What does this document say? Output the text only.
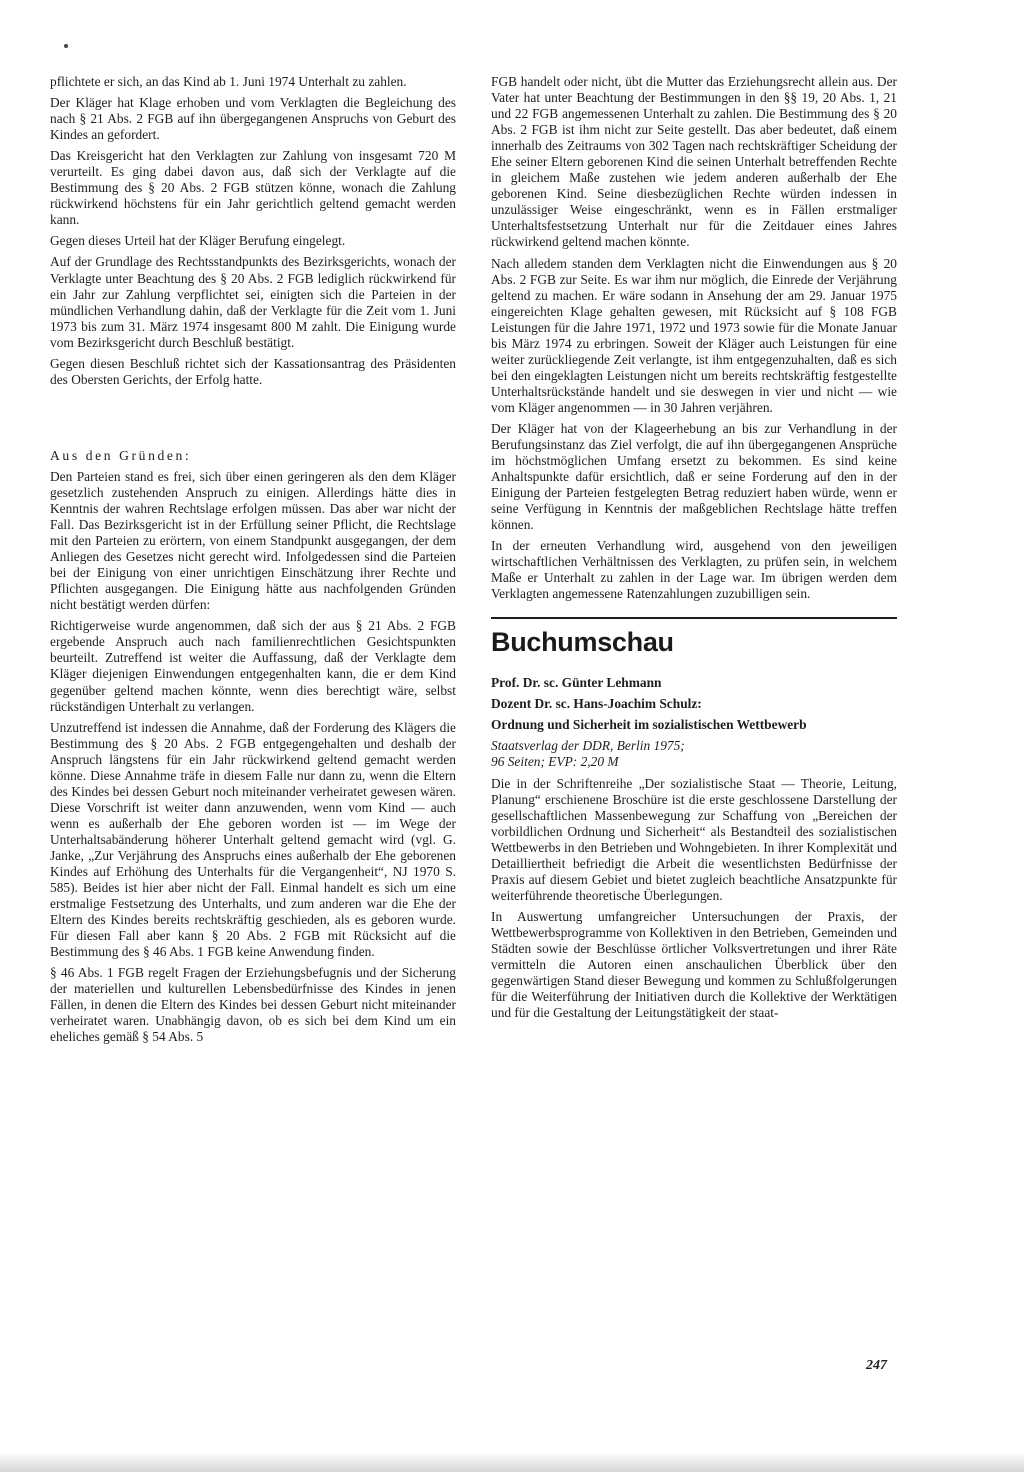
pflichtete er sich, an das Kind ab 1. Juni 1974 Unterhalt zu zahlen.

Der Kläger hat Klage erhoben und vom Verklagten die Begleichung des nach § 21 Abs. 2 FGB auf ihn übergegangenen Anspruchs von Geburt des Kindes an gefordert.

Das Kreisgericht hat den Verklagten zur Zahlung von insgesamt 720 M verurteilt. Es ging dabei davon aus, daß sich der Verklagte auf die Bestimmung des § 20 Abs. 2 FGB stützen könne, wonach die Zahlung rückwirkend höchstens für ein Jahr gerichtlich geltend gemacht werden kann.

Gegen dieses Urteil hat der Kläger Berufung eingelegt.

Auf der Grundlage des Rechtsstandpunkts des Bezirksgerichts, wonach der Verklagte unter Beachtung des § 20 Abs. 2 FGB lediglich rückwirkend für ein Jahr zur Zahlung verpflichtet sei, einigten sich die Parteien in der mündlichen Verhandlung dahin, daß der Verklagte für die Zeit vom 1. Juni 1973 bis zum 31. März 1974 insgesamt 800 M zahlt. Die Einigung wurde vom Bezirksgericht durch Beschluß bestätigt.

Gegen diesen Beschluß richtet sich der Kassationsantrag des Präsidenten des Obersten Gerichts, der Erfolg hatte.

Aus den Gründen:

Den Parteien stand es frei, sich über einen geringeren als den dem Kläger gesetzlich zustehenden Anspruch zu einigen. Allerdings hätte dies in Kenntnis der wahren Rechtslage erfolgen müssen. Das aber war nicht der Fall. Das Bezirksgericht ist in der Erfüllung seiner Pflicht, die Rechtslage mit den Parteien zu erörtern, von einem Standpunkt ausgegangen, der dem Anliegen des Gesetzes nicht gerecht wird. Infolgedessen sind die Parteien bei der Einigung von einer unrichtigen Einschätzung ihrer Rechte und Pflichten ausgegangen. Die Einigung hätte aus nachfolgenden Gründen nicht bestätigt werden dürfen:

Richtigerweise wurde angenommen, daß sich der aus § 21 Abs. 2 FGB ergebende Anspruch auch nach familienrechtlichen Gesichtspunkten beurteilt. Zutreffend ist weiter die Auffassung, daß der Verklagte dem Kläger diejenigen Einwendungen entgegenhalten kann, die er dem Kind gegenüber geltend machen könnte, wenn dies berechtigt wäre, selbst rückständigen Unterhalt zu verlangen.

Unzutreffend ist indessen die Annahme, daß der Forderung des Klägers die Bestimmung des § 20 Abs. 2 FGB entgegengehalten und deshalb der Anspruch längstens für ein Jahr rückwirkend geltend gemacht werden könne. Diese Annahme träfe in diesem Falle nur dann zu, wenn die Eltern des Kindes bei dessen Geburt noch miteinander verheiratet gewesen wären. Diese Vorschrift ist weiter dann anzuwenden, wenn vom Kind — auch wenn es außerhalb der Ehe geboren worden ist — im Wege der Unterhaltsabänderung höherer Unterhalt geltend gemacht wird (vgl. G. Janke, „Zur Verjährung des Anspruchs eines außerhalb der Ehe geborenen Kindes auf Erhöhung des Unterhalts für die Vergangenheit“, NJ 1970 S. 585). Beides ist hier aber nicht der Fall. Einmal handelt es sich um eine erstmalige Festsetzung des Unterhalts, und zum anderen war die Ehe der Eltern des Kindes bereits rechtskräftig geschieden, als es geboren wurde. Für diesen Fall aber kann § 20 Abs. 2 FGB mit Rücksicht auf die Bestimmung des § 46 Abs. 1 FGB keine Anwendung finden.

§ 46 Abs. 1 FGB regelt Fragen der Erziehungsbefugnis und der Sicherung der materiellen und kulturellen Lebensbedürfnisse des Kindes in jenen Fällen, in denen die Eltern des Kindes bei dessen Geburt nicht miteinander verheiratet waren. Unabhängig davon, ob es sich bei dem Kind um ein eheliches gemäß § 54 Abs. 5

FGB handelt oder nicht, übt die Mutter das Erziehungsrecht allein aus. Der Vater hat unter Beachtung der Bestimmungen in den §§ 19, 20 Abs. 1, 21 und 22 FGB angemessenen Unterhalt zu zahlen. Die Bestimmung des § 20 Abs. 2 FGB ist ihm nicht zur Seite gestellt. Das aber bedeutet, daß einem innerhalb des Zeitraums von 302 Tagen nach rechtskräftiger Scheidung der Ehe seiner Eltern geborenen Kind die seinen Unterhalt betreffenden Rechte in gleichem Maße zustehen wie jedem anderen außerhalb der Ehe geborenen Kind. Seine diesbezüglichen Rechte würden indessen in unzulässiger Weise eingeschränkt, wenn es in Fällen erstmaliger Unterhaltsfestsetzung Unterhalt nur für die Zeitdauer eines Jahres rückwirkend geltend machen könnte.

Nach alledem standen dem Verklagten nicht die Einwendungen aus § 20 Abs. 2 FGB zur Seite. Es war ihm nur möglich, die Einrede der Verjährung geltend zu machen. Er wäre sodann in Ansehung der am 29. Januar 1975 eingereichten Klage gehalten gewesen, mit Rücksicht auf § 108 FGB Leistungen für die Jahre 1971, 1972 und 1973 sowie für die Monate Januar bis März 1974 zu erbringen. Soweit der Kläger auch Leistungen für eine weiter zurückliegende Zeit verlangte, ist ihm entgegenzuhalten, daß es sich bei den eingeklagten Leistungen nicht um bereits rechtskräftig festgestellte Unterhaltsrückstände handelt und sie deswegen in vier und nicht — wie vom Kläger angenommen — in 30 Jahren verjähren.

Der Kläger hat von der Klageerhebung an bis zur Verhandlung in der Berufungsinstanz das Ziel verfolgt, die auf ihn übergegangenen Ansprüche im höchstmöglichen Umfang ersetzt zu bekommen. Es sind keine Anhaltspunkte dafür ersichtlich, daß er seine Forderung auf den in der Einigung der Parteien festgelegten Betrag reduziert haben würde, wenn er seine Verfügung in Kenntnis der maßgeblichen Rechtslage hätte treffen können.

In der erneuten Verhandlung wird, ausgehend von den jeweiligen wirtschaftlichen Verhältnissen des Verklagten, zu prüfen sein, in welchem Maße er Unterhalt zu zahlen in der Lage war. Im übrigen werden dem Verklagten angemessene Ratenzahlungen zuzubilligen sein.

Buchumschau

Prof. Dr. sc. Günter Lehmann

Dozent Dr. sc. Hans-Joachim Schulz:

Ordnung und Sicherheit im sozialistischen Wettbewerb

Staatsverlag der DDR, Berlin 1975;
96 Seiten; EVP: 2,20 M

Die in der Schriftenreihe „Der sozialistische Staat — Theorie, Leitung, Planung“ erschienene Broschüre ist die erste geschlossene Darstellung der gesellschaftlichen Massenbewegung zur Schaffung von „Bereichen der vorbildlichen Ordnung und Sicherheit“ als Bestandteil des sozialistischen Wettbewerbs in den Betrieben und Wohngebieten. In ihrer Komplexität und Detailliertheit befriedigt die Arbeit die wesentlichsten Bedürfnisse der Praxis auf diesem Gebiet und bietet zugleich beachtliche Ansatzpunkte für weiterführende theoretische Überlegungen.

In Auswertung umfangreicher Untersuchungen der Praxis, der Wettbewerbsprogramme von Kollektiven in den Betrieben, Gemeinden und Städten sowie der Beschlüsse örtlicher Volksvertretungen und ihrer Räte vermitteln die Autoren einen anschaulichen Überblick über den gegenwärtigen Stand dieser Bewegung und kommen zu Schlußfolgerungen für die Weiterführung der Initiativen durch die Kollektive der Werktätigen und für die Gestaltung der Leitungstätigkeit der staat-

247
